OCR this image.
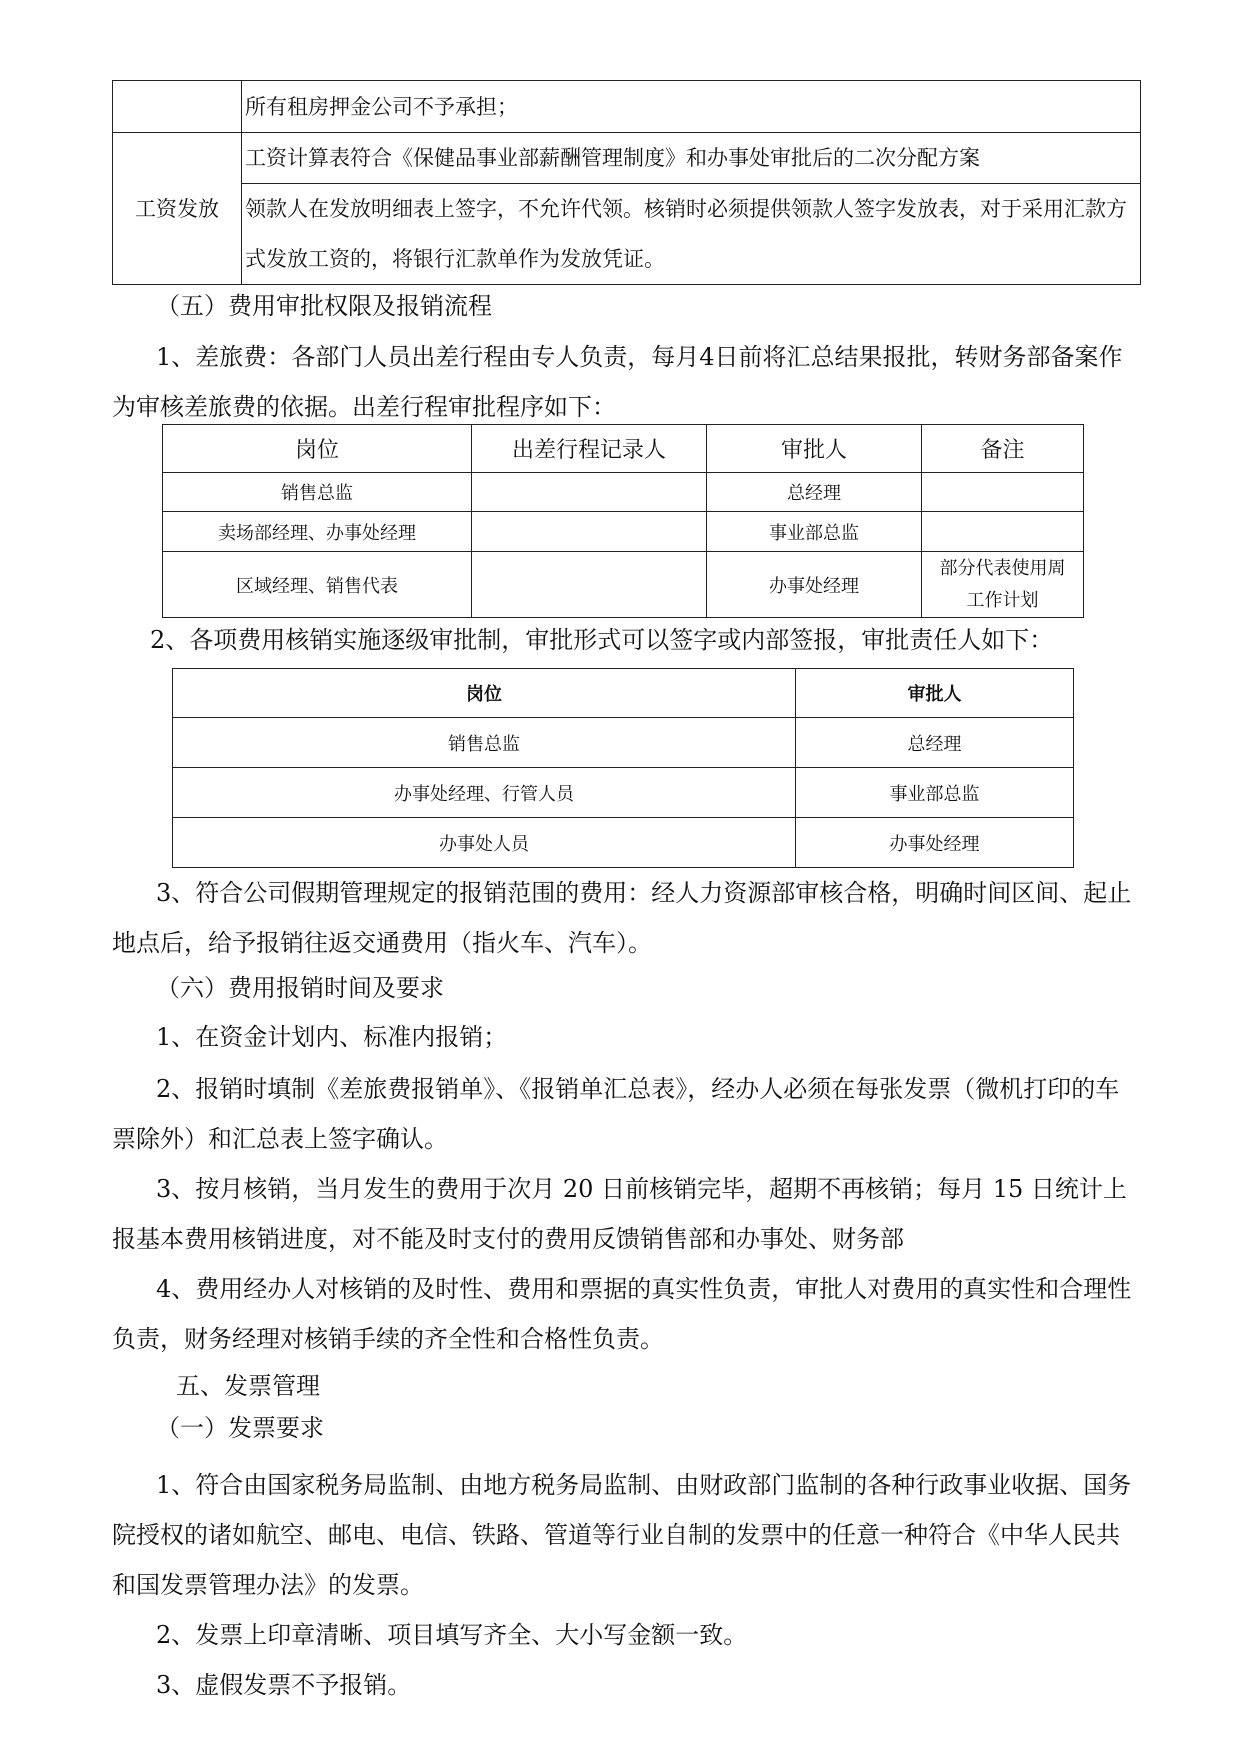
	所有租房押金公司不予承担；
工资发放	工资计算表符合《保健品事业部薪酬管理制度》和办事处审批后的二次分配方案
	领款人在发放明细表上签字，不允许代领。核销时必须提供领款人签字发放表，对于采用汇款方式发放工资的，将银行汇款单作为发放凭证。
（五）费用审批权限及报销流程
1、差旅费：各部门人员出差行程由专人负责，每月4日前将汇总结果报批，转财务部备案作为审核差旅费的依据。出差行程审批程序如下：
岗位	出差行程记录人	审批人	备注
销售总监		总经理	
卖场部经理、办事处经理		事业部总监	
区域经理、销售代表		办事处经理	部分代表使用周工作计划
2、各项费用核销实施逐级审批制，审批形式可以签字或内部签报，审批责任人如下：
岗位	审批人
销售总监	总经理
办事处经理、行管人员	事业部总监
办事处人员	办事处经理
3、符合公司假期管理规定的报销范围的费用：经人力资源部审核合格，明确时间区间、起止地点后，给予报销往返交通费用（指火车、汽车）。
（六）费用报销时间及要求
1、在资金计划内、标准内报销；
2、报销时填制《差旅费报销单》、《报销单汇总表》，经办人必须在每张发票（微机打印的车票除外）和汇总表上签字确认。
3、按月核销，当月发生的费用于次月 20 日前核销完毕，超期不再核销；每月 15 日统计上报基本费用核销进度，对不能及时支付的费用反馈销售部和办事处、财务部
4、费用经办人对核销的及时性、费用和票据的真实性负责，审批人对费用的真实性和合理性负责，财务经理对核销手续的齐全性和合格性负责。
五、发票管理
（一）发票要求
1、符合由国家税务局监制、由地方税务局监制、由财政部门监制的各种行政事业收据、国务院授权的诸如航空、邮电、电信、铁路、管道等行业自制的发票中的任意一种符合《中华人民共和国发票管理办法》的发票。
2、发票上印章清晰、项目填写齐全、大小写金额一致。
3、虚假发票不予报销。
